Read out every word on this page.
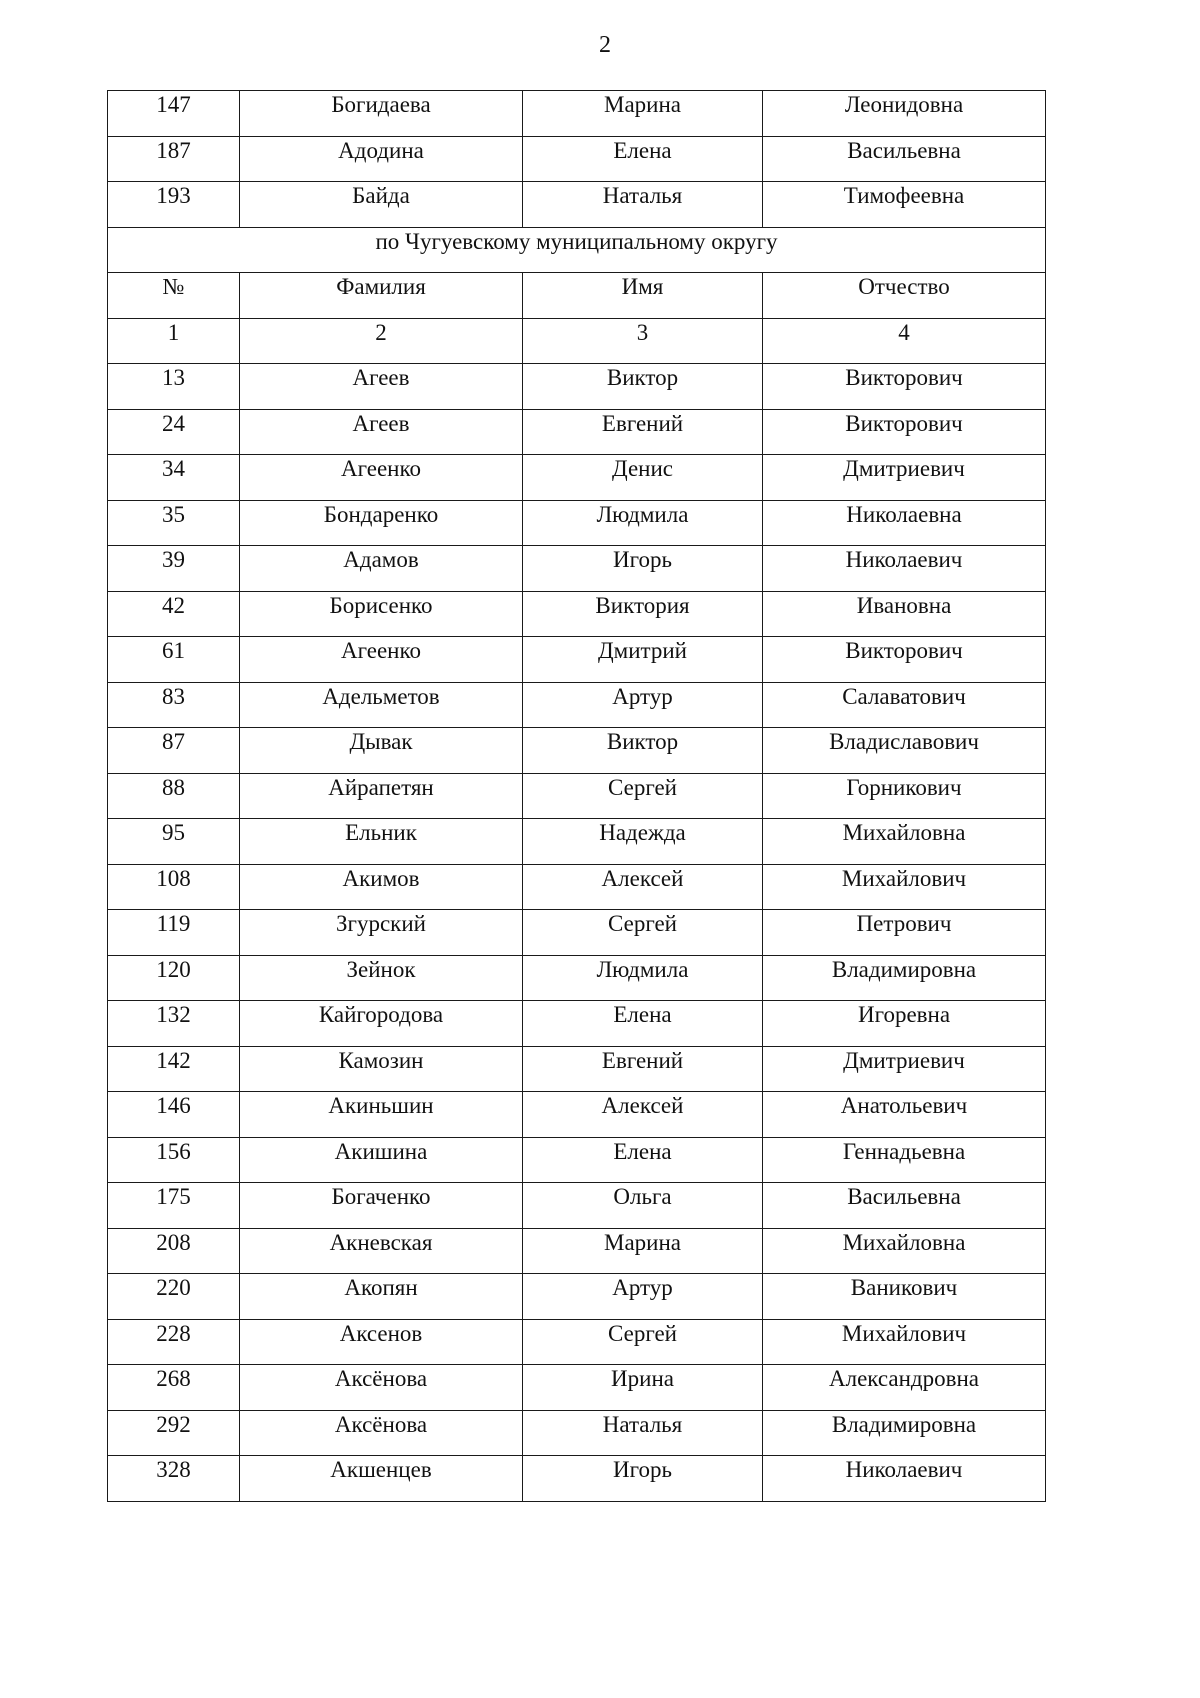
2
147	Богидаева	Марина	Леонидовна
187	Адодина	Елена	Васильевна
193	Байда	Наталья	Тимофеевна
по Чугуевскому муниципальному округу			
№	Фамилия	Имя	Отчество
1	2	3	4
13	Агеев	Виктор	Викторович
24	Агеев	Евгений	Викторович
34	Агеенко	Денис	Дмитриевич
35	Бондаренко	Людмила	Николаевна
39	Адамов	Игорь	Николаевич
42	Борисенко	Виктория	Ивановна
61	Агеенко	Дмитрий	Викторович
83	Адельметов	Артур	Салаватович
87	Дывак	Виктор	Владиславович
88	Айрапетян	Сергей	Горникович
95	Ельник	Надежда	Михайловна
108	Акимов	Алексей	Михайлович
119	Згурский	Сергей	Петрович
120	Зейнок	Людмила	Владимировна
132	Кайгородова	Елена	Игоревна
142	Камозин	Евгений	Дмитриевич
146	Акиньшин	Алексей	Анатольевич
156	Акишина	Елена	Геннадьевна
175	Богаченко	Ольга	Васильевна
208	Акневская	Марина	Михайловна
220	Акопян	Артур	Ваникович
228	Аксенов	Сергей	Михайлович
268	Аксёнова	Ирина	Александровна
292	Аксёнова	Наталья	Владимировна
328	Акшенцев	Игорь	Николаевич
